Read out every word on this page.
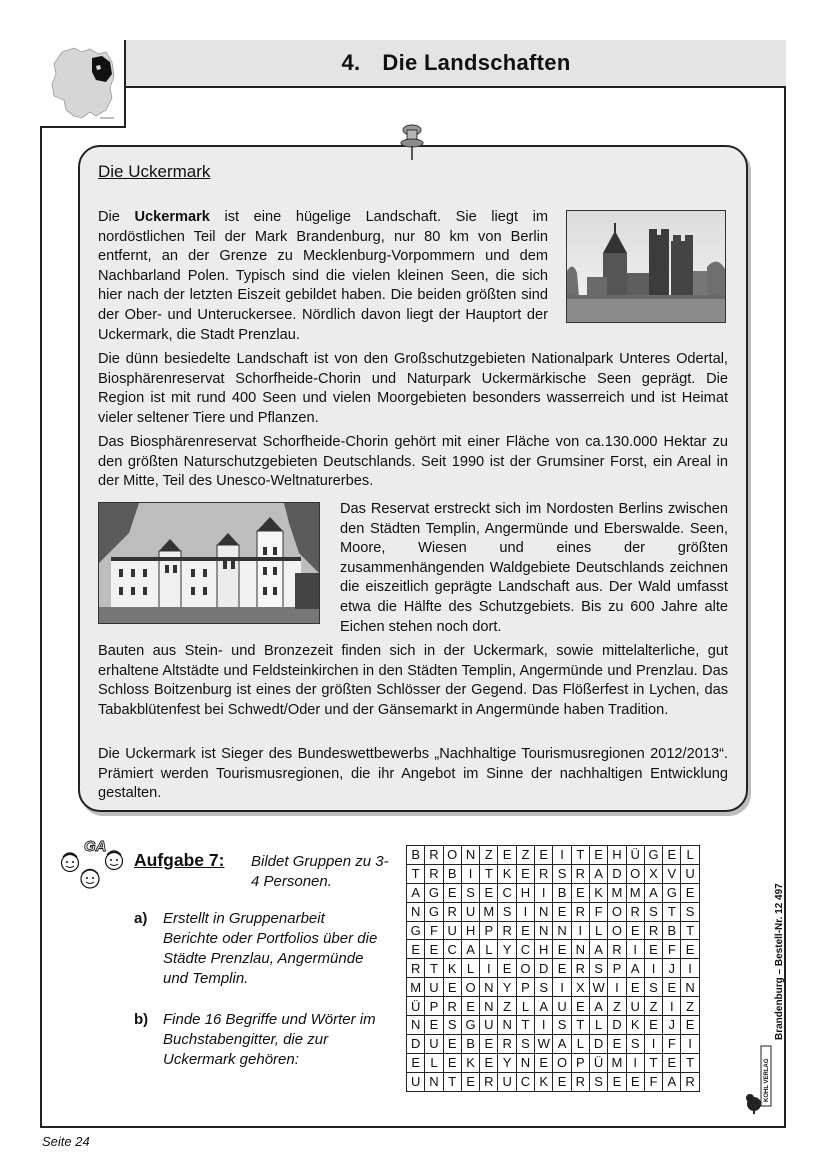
4. Die Landschaften
Die Uckermark

Die Uckermark ist eine hügelige Landschaft. Sie liegt im nordöstlichen Teil der Mark Brandenburg, nur 80 km von Berlin entfernt, an der Grenze zu Mecklenburg-Vorpommern und dem Nachbarland Polen. Typisch sind die vielen kleinen Seen, die sich hier nach der letzten Eiszeit gebildet haben. Die beiden größten sind der Ober- und Unteruckersee. Nördlich davon liegt der Hauptort der Uckermark, die Stadt Prenzlau.

Die dünn besiedelte Landschaft ist von den Großschutzgebieten Nationalpark Unteres Odertal, Biosphärenreservat Schorfheide-Chorin und Naturpark Uckermärkische Seen geprägt. Die Region ist mit rund 400 Seen und vielen Moorgebieten besonders wasserreich und ist Heimat vieler seltener Tiere und Pflanzen.

Das Biosphärenreservat Schorfheide-Chorin gehört mit einer Fläche von ca.130.000 Hektar zu den größten Naturschutzgebieten Deutschlands. Seit 1990 ist der Grumsiner Forst, ein Areal in der Mitte, Teil des Unesco-Weltnaturerbes.

Das Reservat erstreckt sich im Nordosten Berlins zwischen den Städten Templin, Angermünde und Eberswalde. Seen, Moore, Wiesen und eines der größten zusammenhängenden Waldgebiete Deutschlands zeichnen die eiszeitlich geprägte Landschaft aus. Der Wald umfasst etwa die Hälfte des Schutzgebiets. Bis zu 600 Jahre alte Eichen stehen noch dort.

Bauten aus Stein- und Bronzezeit finden sich in der Uckermark, sowie mittelalterliche, gut erhaltene Altstädte und Feldsteinkirchen in den Städten Templin, Angermünde und Prenzlau. Das Schloss Boitzenburg ist eines der größten Schlösser der Gegend. Das Flößerfest in Lychen, das Tabakblütenfest bei Schwedt/Oder und der Gänsemarkt in Angermünde haben Tradition.

Die Uckermark ist Sieger des Bundeswettbewerbs „Nachhaltige Tourismusregionen 2012/2013“. Prämiert werden Tourismusregionen, die ihr Angebot im Sinne der nachhaltigen Entwicklung gestalten.

GA
Aufgabe 7: Bildet Gruppen zu 3-4 Personen.
a) Erstellt in Gruppenarbeit Berichte oder Portfolios über die Städte Prenzlau, Angermünde und Templin.
b) Finde 16 Begriffe und Wörter im Buchstabengitter, die zur Uckermark gehören:
B	R	O	N	Z	E	Z	E	I	T	E	H	Ü	G	E	L
T	R	B	I	T	K	E	R	S	R	A	D	O	X	V	U
A	G	E	S	E	C	H	I	B	E	K	M	M	A	G	E
N	G	R	U	M	S	I	N	E	R	F	O	R	S	T	S
G	F	U	H	P	R	E	N	N	I	L	O	E	R	B	T
E	E	C	A	L	Y	C	H	E	N	A	R	I	E	F	E
R	T	K	L	I	E	O	D	E	R	S	P	A	I	J	I
M	U	E	O	N	Y	P	S	I	X	W	I	E	S	E	N
Ü	P	R	E	N	Z	L	A	U	E	A	Z	U	Z	I	Z
N	E	S	G	U	N	T	I	S	T	L	D	K	E	J	E
D	U	E	B	E	R	S	W	A	L	D	E	S	I	F	I
E	L	E	K	E	Y	N	E	O	P	Ü	M	I	T	E	T
U	N	T	E	R	U	C	K	E	R	S	E	E	F	A	R
Brandenburg – Bestell-Nr. 12 497
KOHL VERLAG
Seite 24
